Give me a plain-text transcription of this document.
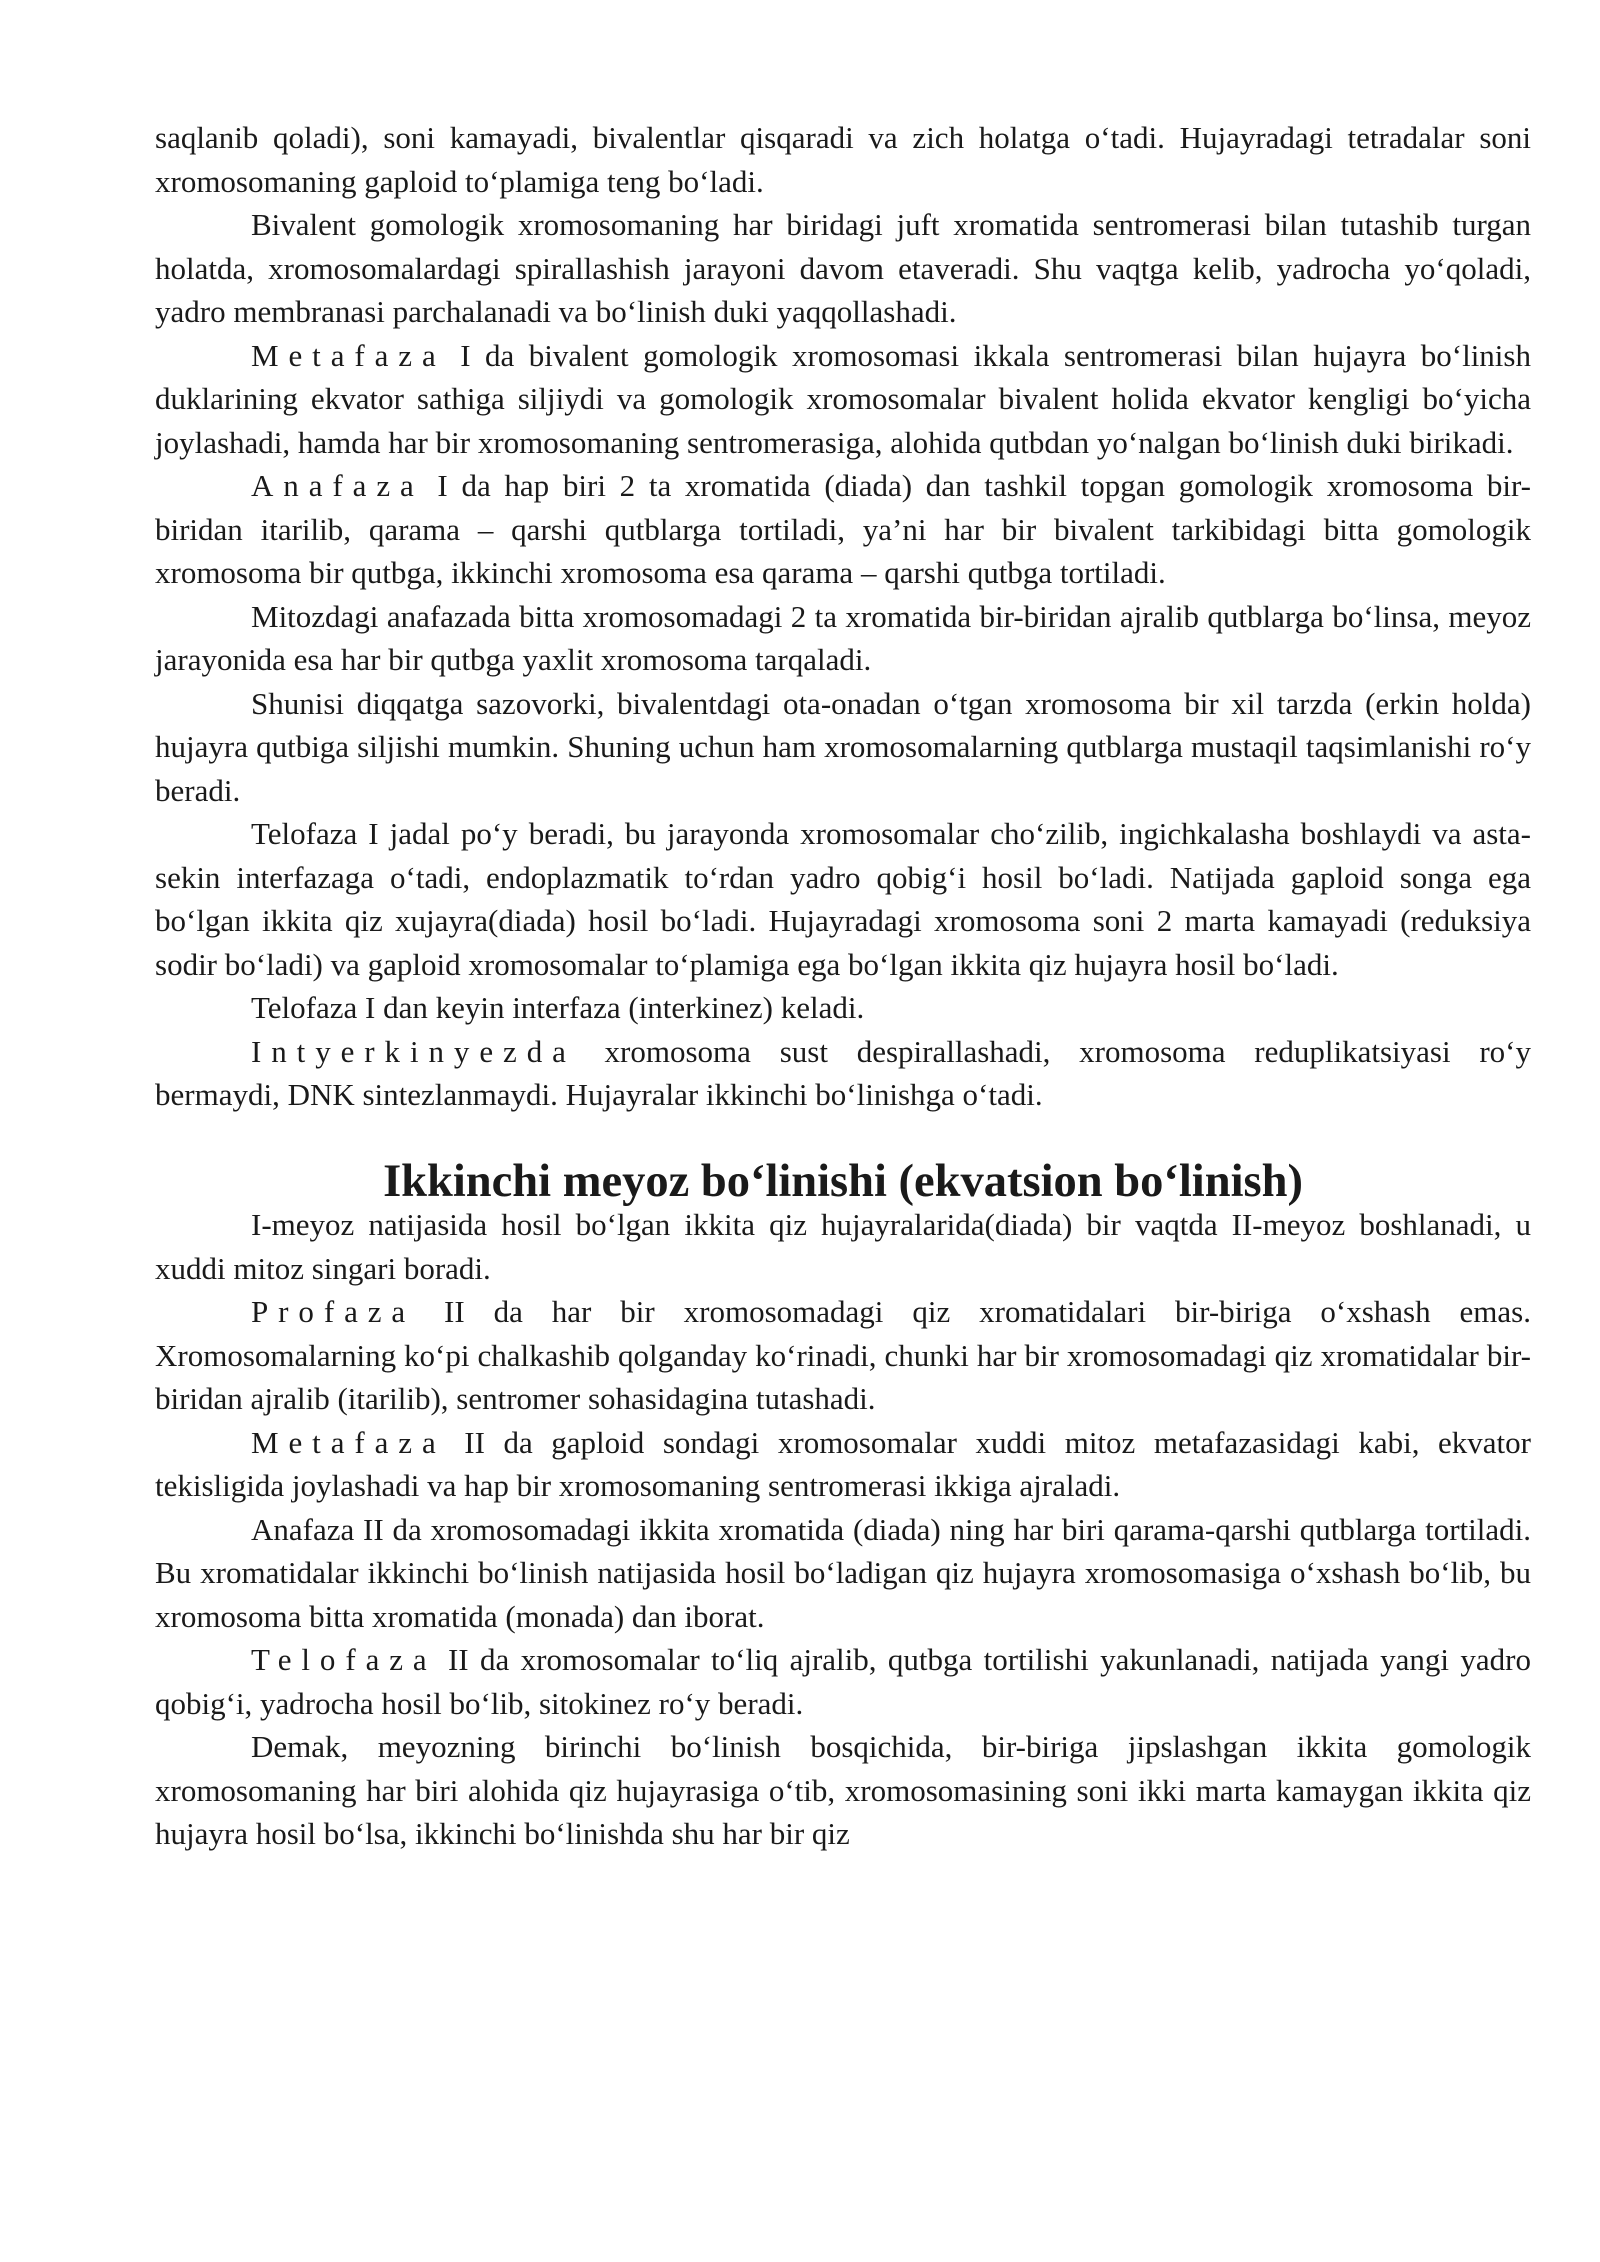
saqlanib qoladi), soni kamayadi, bivalentlar qisqaradi va zich holatga o‘tadi. Hujayradagi tetradalar soni xromosomaning gaploid to‘plamiga teng bo‘ladi.

Bivalent gomologik xromosomaning har biridagi juft xromatida sentromerasi bilan tutashib turgan holatda, xromosomalardagi spirallashish jarayoni davom etaveradi. Shu vaqtga kelib, yadrocha yo‘qoladi, yadro membranasi parchalanadi va bo‘linish duki yaqqollashadi.

Metafaza I da bivalent gomologik xromosomasi ikkala sentromerasi bilan hujayra bo‘linish duklarining ekvator sathiga siljiydi va gomologik xromosomalar bivalent holida ekvator kengligi bo‘yicha joylashadi, hamda har bir xromosomaning sentromerasiga, alohida qutbdan yo‘nalgan bo‘linish duki birikadi.

Anafaza I da hap biri 2 ta xromatida (diada) dan tashkil topgan gomologik xromosoma bir-biridan itarilib, qarama – qarshi qutblarga tortiladi, ya’ni har bir bivalent tarkibidagi bitta gomologik xromosoma bir qutbga, ikkinchi xromosoma esa qarama – qarshi qutbga tortiladi.

Mitozdagi anafazada bitta xromosomadagi 2 ta xromatida bir-biridan ajralib qutblarga bo‘linsa, meyoz jarayonida esa har bir qutbga yaxlit xromosoma tarqaladi.

Shunisi diqqatga sazovorki, bivalentdagi ota-onadan o‘tgan xromosoma bir xil tarzda (erkin holda) hujayra qutbiga siljishi mumkin. Shuning uchun ham xromosomalarning qutblarga mustaqil taqsimlanishi ro‘y beradi.

Telofaza I jadal po‘y beradi, bu jarayonda xromosomalar cho‘zilib, ingichkalasha boshlaydi va asta-sekin interfazaga o‘tadi, endoplazmatik to‘rdan yadro qobig‘i hosil bo‘ladi. Natijada gaploid songa ega bo‘lgan ikkita qiz xujayra(diada) hosil bo‘ladi. Hujayradagi xromosoma soni 2 marta kamayadi (reduksiya sodir bo‘ladi) va gaploid xromosomalar to‘plamiga ega bo‘lgan ikkita qiz hujayra hosil bo‘ladi.

Telofaza I dan keyin interfaza (interkinez) keladi.

Intyerkinyezda xromosoma sust despirallashadi, xromosoma reduplikatsiyasi ro‘y bermaydi, DNK sintezlanmaydi. Hujayralar ikkinchi bo‘linishga o‘tadi.

Ikkinchi meyoz bo‘linishi (ekvatsion bo‘linish)

I-meyoz natijasida hosil bo‘lgan ikkita qiz hujayralarida(diada) bir vaqtda II-meyoz boshlanadi, u xuddi mitoz singari boradi.

Profaza II da har bir xromosomadagi qiz xromatidalari bir-biriga o‘xshash emas. Xromosomalarning ko‘pi chalkashib qolganday ko‘rinadi, chunki har bir xromosomadagi qiz xromatidalar bir-biridan ajralib (itarilib), sentromer sohasidagina tutashadi.

Metafaza II da gaploid sondagi xromosomalar xuddi mitoz metafazasidagi kabi, ekvator tekisligida joylashadi va hap bir xromosomaning sentromerasi ikkiga ajraladi.

Anafaza II da xromosomadagi ikkita xromatida (diada) ning har biri qarama-qarshi qutblarga tortiladi. Bu xromatidalar ikkinchi bo‘linish natijasida hosil bo‘ladigan qiz hujayra xromosomasiga o‘xshash bo‘lib, bu xromosoma bitta xromatida (monada) dan iborat.

Telofaza II da xromosomalar to‘liq ajralib, qutbga tortilishi yakunlanadi, natijada yangi yadro qobig‘i, yadrocha hosil bo‘lib, sitokinez ro‘y beradi.

Demak, meyozning birinchi bo‘linish bosqichida, bir-biriga jipslashgan ikkita gomologik xromosomaning har biri alohida qiz hujayrasiga o‘tib, xromosomasining soni ikki marta kamaygan ikkita qiz hujayra hosil bo‘lsa, ikkinchi bo‘linishda shu har bir qiz
